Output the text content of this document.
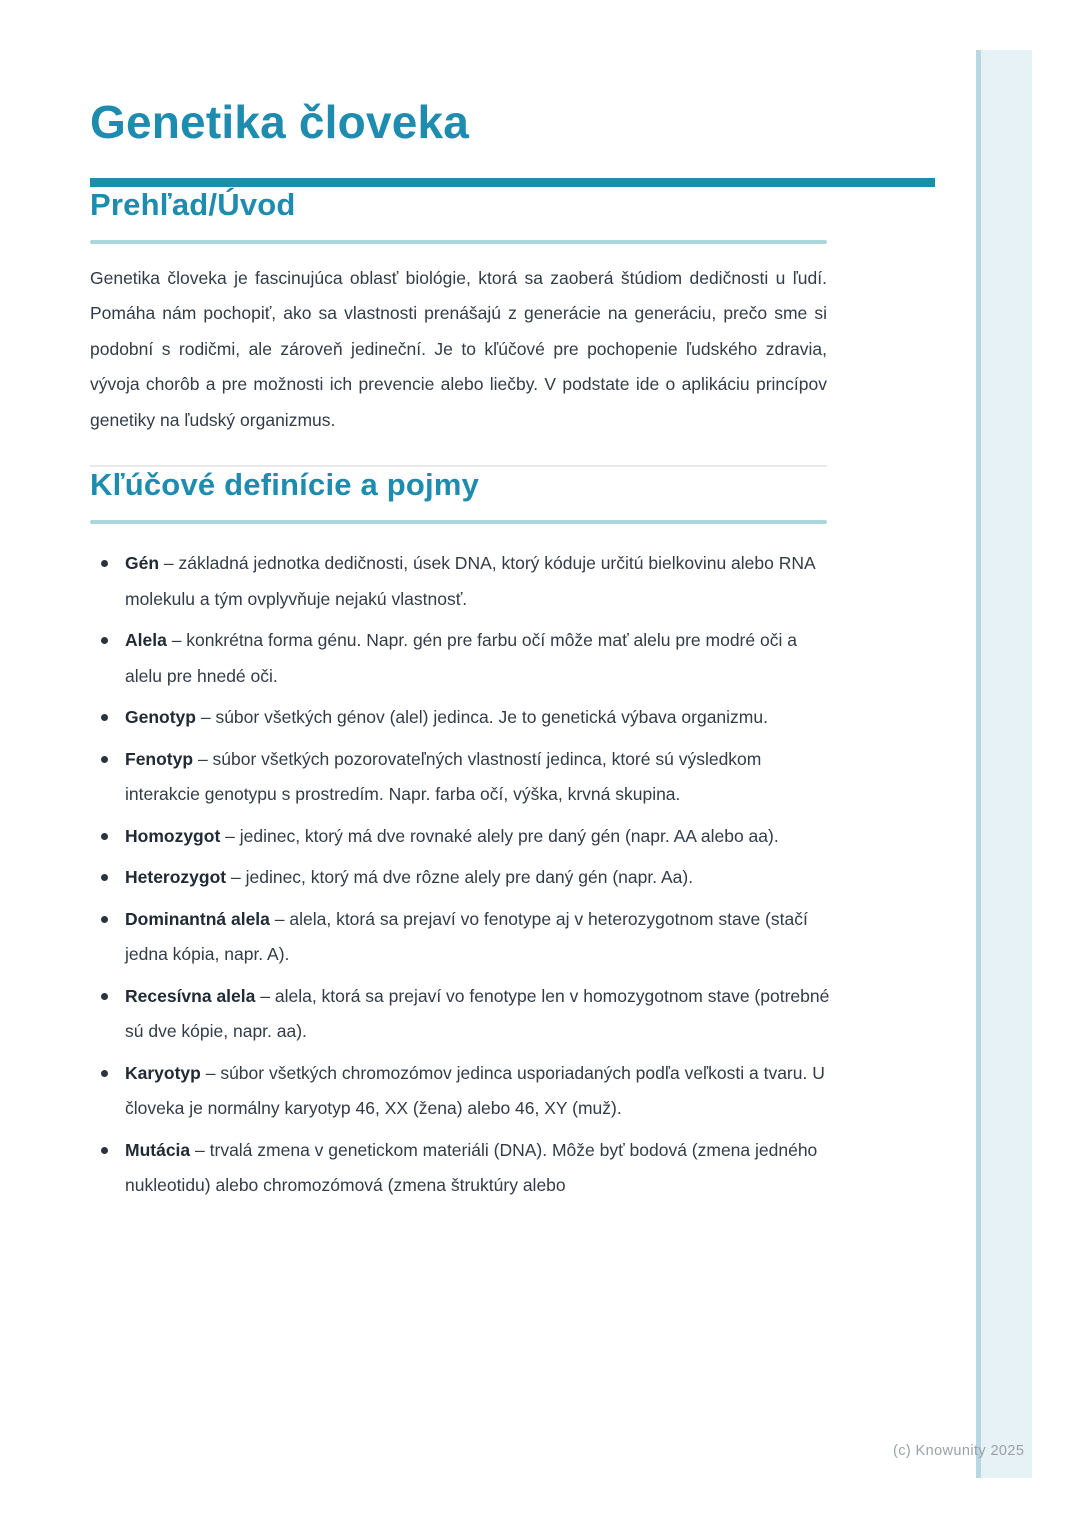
(c) Knowunity 2025
Genetika človeka
Prehľad/Úvod

Genetika človeka je fascinujúca oblasť biológie, ktorá sa zaoberá štúdiom dedičnosti u ľudí. Pomáha nám pochopiť, ako sa vlastnosti prenášajú z generácie na generáciu, prečo sme si podobní s rodičmi, ale zároveň jedineční. Je to kľúčové pre pochopenie ľudského zdravia, vývoja chorôb a pre možnosti ich prevencie alebo liečby. V podstate ide o aplikáciu princípov genetiky na ľudský organizmus.

Kľúčové definície a pojmy
Gén – základná jednotka dedičnosti, úsek DNA, ktorý kóduje určitú bielkovinu alebo RNA molekulu a tým ovplyvňuje nejakú vlastnosť.
Alela – konkrétna forma génu. Napr. gén pre farbu očí môže mať alelu pre modré oči a alelu pre hnedé oči.
Genotyp – súbor všetkých génov (alel) jedinca. Je to genetická výbava organizmu.
Fenotyp – súbor všetkých pozorovateľných vlastností jedinca, ktoré sú výsledkom interakcie genotypu s prostredím. Napr. farba očí, výška, krvná skupina.
Homozygot – jedinec, ktorý má dve rovnaké alely pre daný gén (napr. AA alebo aa).
Heterozygot – jedinec, ktorý má dve rôzne alely pre daný gén (napr. Aa).
Dominantná alela – alela, ktorá sa prejaví vo fenotype aj v heterozygotnom stave (stačí jedna kópia, napr. A).
Recesívna alela – alela, ktorá sa prejaví vo fenotype len v homozygotnom stave (potrebné sú dve kópie, napr. aa).
Karyotyp – súbor všetkých chromozómov jedinca usporiadaných podľa veľkosti a tvaru. U človeka je normálny karyotyp 46, XX (žena) alebo 46, XY (muž).
Mutácia – trvalá zmena v genetickom materiáli (DNA). Môže byť bodová (zmena jedného nukleotidu) alebo chromozómová (zmena štruktúry alebo
